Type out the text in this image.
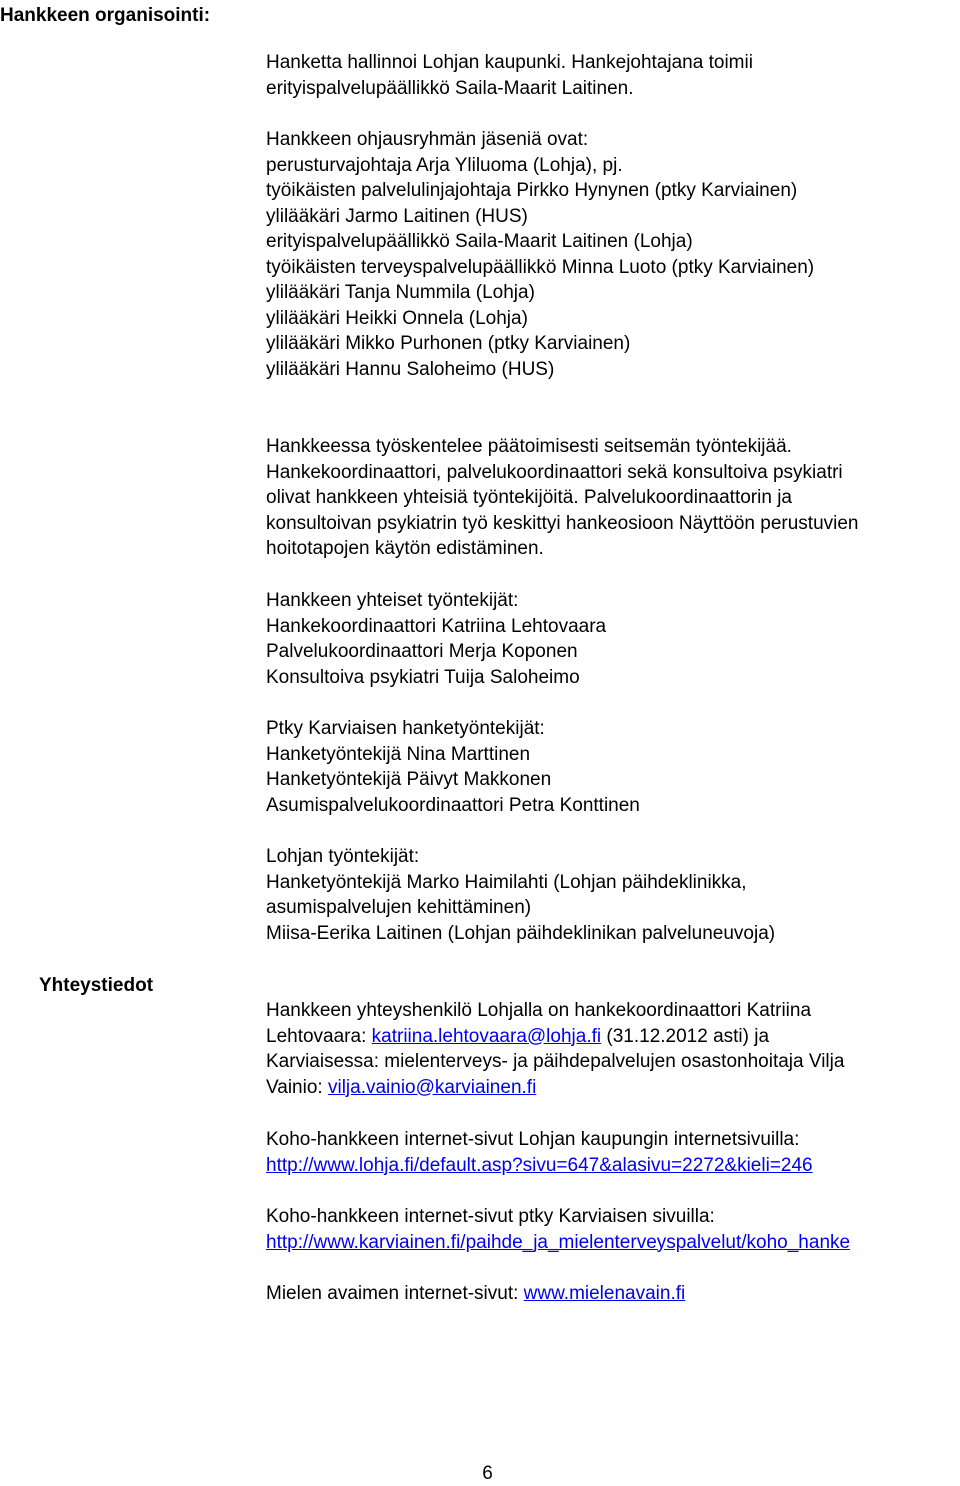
Hankkeen organisointi:
Hanketta hallinnoi Lohjan kaupunki. Hankejohtajana toimii
erityispalvelupäällikkö Saila-Maarit Laitinen.
Hankkeen ohjausryhmän jäseniä ovat:
perusturvajohtaja Arja Yliluoma (Lohja), pj.
työikäisten palvelulinjajohtaja Pirkko Hynynen (ptky Karviainen)
ylilääkäri Jarmo Laitinen (HUS)
erityispalvelupäällikkö Saila-Maarit Laitinen (Lohja)
työikäisten terveyspalvelupäällikkö Minna Luoto (ptky Karviainen)
ylilääkäri Tanja Nummila (Lohja)
ylilääkäri Heikki Onnela (Lohja)
ylilääkäri Mikko Purhonen (ptky Karviainen)
ylilääkäri Hannu Saloheimo (HUS)
Hankkeessa työskentelee päätoimisesti seitsemän työntekijää.
Hankekoordinaattori, palvelukoordinaattori sekä konsultoiva psykiatri
olivat hankkeen yhteisiä työntekijöitä. Palvelukoordinaattorin ja
konsultoivan psykiatrin työ keskittyi hankeosioon Näyttöön perustuvien
hoitotapojen käytön edistäminen.
Hankkeen yhteiset työntekijät:
Hankekoordinaattori Katriina Lehtovaara
Palvelukoordinaattori Merja Koponen
Konsultoiva psykiatri Tuija Saloheimo
Ptky Karviaisen hanketyöntekijät:
Hanketyöntekijä Nina Marttinen
Hanketyöntekijä Päivyt Makkonen
Asumispalvelukoordinaattori Petra Konttinen
Lohjan työntekijät:
Hanketyöntekijä Marko Haimilahti (Lohjan päihdeklinikka,
asumispalvelujen kehittäminen)
Miisa-Eerika Laitinen (Lohjan päihdeklinikan palveluneuvoja)
Yhteystiedot
Hankkeen yhteyshenkilö Lohjalla on hankekoordinaattori Katriina
Lehtovaara: katriina.lehtovaara@lohja.fi (31.12.2012 asti) ja
Karviaisessa: mielenterveys- ja päihdepalvelujen osastonhoitaja Vilja
Vainio: vilja.vainio@karviainen.fi
Koho-hankkeen internet-sivut Lohjan kaupungin internetsivuilla:
http://www.lohja.fi/default.asp?sivu=647&alasivu=2272&kieli=246
Koho-hankkeen internet-sivut ptky Karviaisen sivuilla:
http://www.karviainen.fi/paihde_ja_mielenterveyspalvelut/koho_hanke
Mielen avaimen internet-sivut: www.mielenavain.fi
6
